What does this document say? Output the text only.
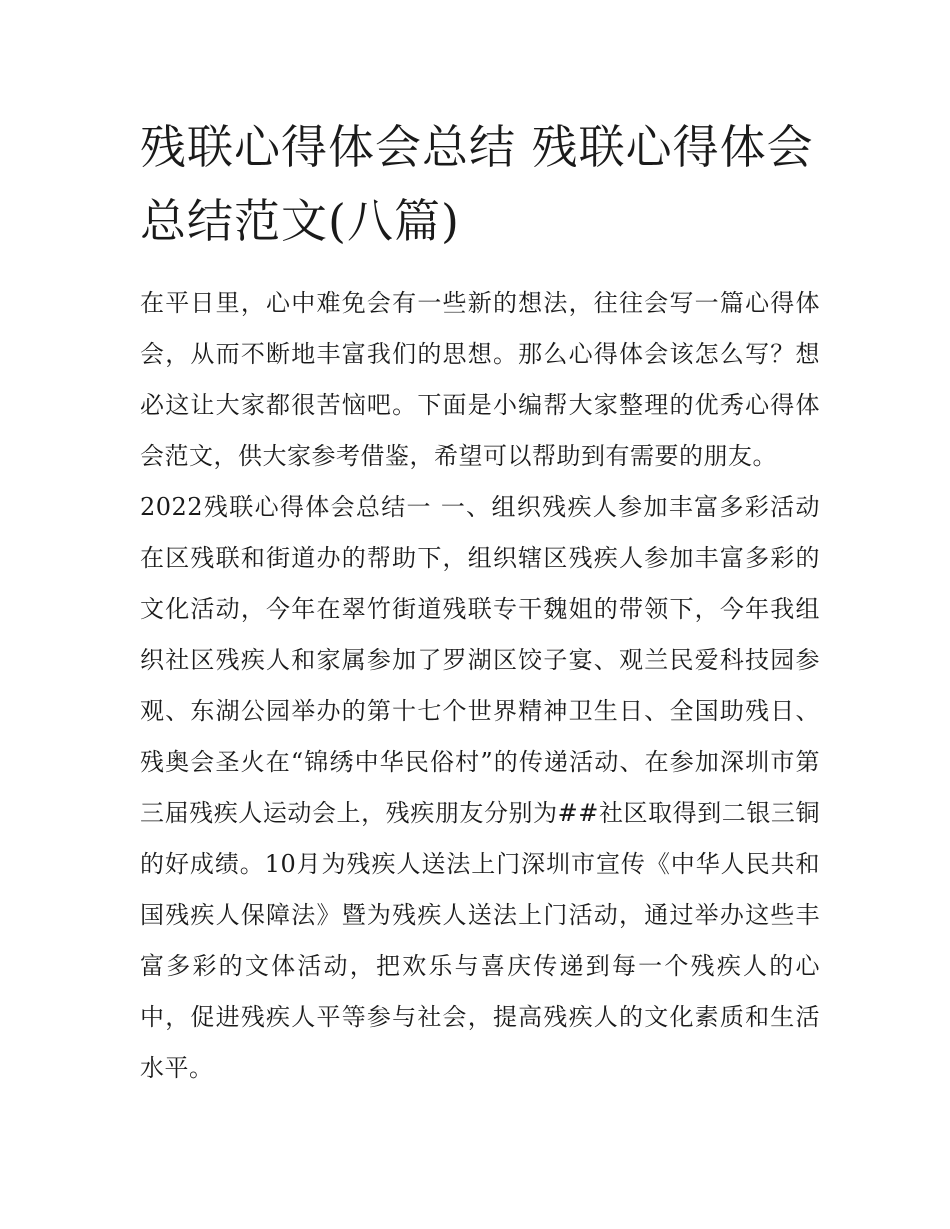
残联心得体会总结 残联心得体会总结范文(八篇)

在平日里，心中难免会有一些新的想法，往往会写一篇心得体会，从而不断地丰富我们的思想。那么心得体会该怎么写？想必这让大家都很苦恼吧。下面是小编帮大家整理的优秀心得体会范文，供大家参考借鉴，希望可以帮助到有需要的朋友。

2022残联心得体会总结一 一、组织残疾人参加丰富多彩活动在区残联和街道办的帮助下，组织辖区残疾人参加丰富多彩的文化活动，今年在翠竹街道残联专干魏姐的带领下，今年我组织社区残疾人和家属参加了罗湖区饺子宴、观兰民爱科技园参观、东湖公园举办的第十七个世界精神卫生日、全国助残日、残奥会圣火在“锦绣中华民俗村”的传递活动、在参加深圳市第三届残疾人运动会上，残疾朋友分别为##社区取得到二银三铜的好成绩。10月为残疾人送法上门深圳市宣传《中华人民共和国残疾人保障法》暨为残疾人送法上门活动，通过举办这些丰富多彩的文体活动，把欢乐与喜庆传递到每一个残疾人的心中，促进残疾人平等参与社会，提高残疾人的文化素质和生活水平。
